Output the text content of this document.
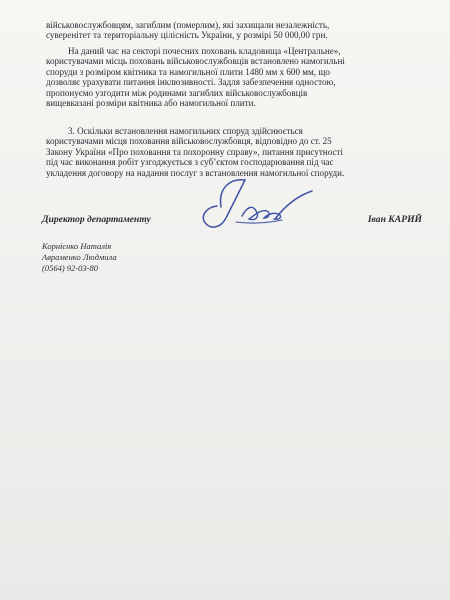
військовослужбовцям, загиблим (померлим), які захищали незалежність,
суверенітет та територіальну цілісність України, у розмірі 50 000,00 грн.
На даний час на секторі почесних поховань кладовища «Центральне»,
користувачами місць поховань військовослужбовців встановлено намогильні
споруди з розміром квітника та намогильної плити 1480 мм х 600 мм, що
дозволяє урахувати питання інклюзивності. Задля забезпечення одностою,
пропонуємо узгодити між родинами загиблих військовослужбовців
вищевказані розміри квітника або намогильної плити.
3. Оскільки встановлення намогильних споруд здійснюється
користувачами місця поховання військовослужбовця, відповідно до ст. 25
Закону України «Про поховання та похоронну справу», питання присутності
під час виконання робіт узгоджується з суб’єктом господарювання під час
укладення договору на надання послуг з встановлення намогильної споруди.
Директор департаменту	Іван КАРИЙ
Корнієнко Наталія
Авраменко Людмила
(0564) 92-03-80
